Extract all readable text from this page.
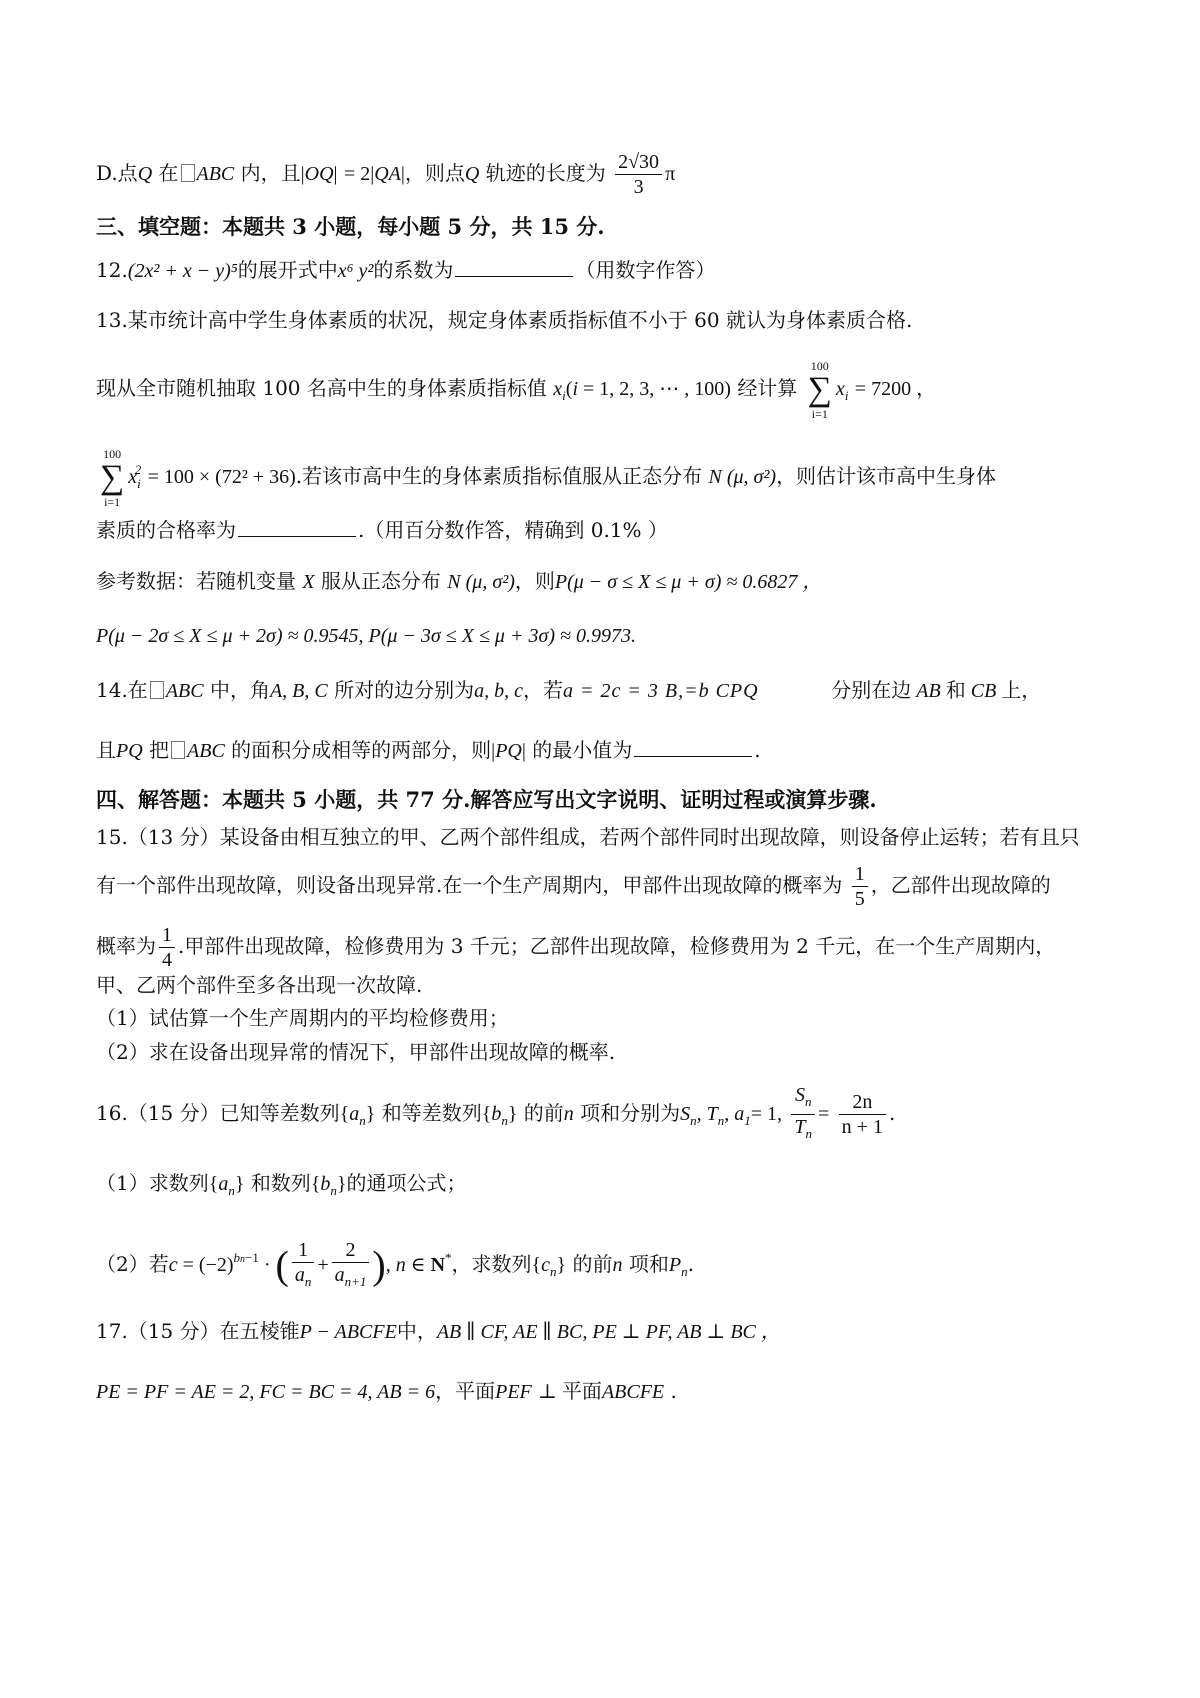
D.点Q 在 ABC 内，且|OQ| = 2|QA|，则点Q 轨迹的长度为 $\frac{2√30}{3}$ π
三、填空题：本题共 3 小题，每小题 5 分，共 15 分.
12.(2x² + x − y)⁵的展开式中x⁶ y²的系数为	（用数字作答）
13.某市统计高中学生身体素质的状况，规定身体素质指标值不小于 60 就认为身体素质合格.
现从全市随机抽取 100 名高中生的身体素质指标值 $x_i(i = 1$, 2, 3, ⋯ , 100) 经计算
100
∑
i=1
$x_i = 7200$ ，
100
∑
i=1
$x_i^2 = 100 \times (72^2 + 36)$.若该市高中生的身体素质指标值服从正态分布 N (μ, σ²)，则估计该市高中生身体
素质的合格率为	.（用百分数作答，精确到 0.1% ）
参考数据：若随机变量 X 服从正态分布 N (μ, σ²)，则P(μ − σ ≤ X ≤ μ + σ) ≈ 0.6827 ，
P(μ − 2σ ≤ X ≤ μ + 2σ) ≈ 0.9545, P(μ − 3σ ≤ X ≤ μ + 3σ) ≈ 0.9973.
14.在 ABC 中，角A, B, C 所对的边分别为a, b, c，若a = 2c = 3 B,=b CPQ	分别在边 AB 和 CB 上，
且PQ 把 ABC 的面积分成相等的两部分，则|PQ| 的最小值为	.
四、解答题：本题共 5 小题，共 77 分.解答应写出文字说明、证明过程或演算步骤.
15.（13 分）某设备由相互独立的甲、乙两个部件组成，若两个部件同时出现故障，则设备停止运转；若有且只
有一个部件出现故障，则设备出现异常.在一个生产周期内，甲部件出现故障的概率为 $\frac{1}{5}$ ，乙部件出现故障的
概率为 $\frac{1}{4}$ .甲部件出现故障，检修费用为 3 千元；乙部件出现故障，检修费用为 2 千元，在一个生产周期内，
甲、乙两个部件至多各出现一次故障.
（1）试估算一个生产周期内的平均检修费用；
（2）求在设备出现异常的情况下，甲部件出现故障的概率.
16.（15 分）已知等差数列$\{a_n\}$ 和等差数列$\{b_n\}$ 的前n 项和分别为$S_n$, $T_n$, $a_1= 1$, $\frac{S_n}{T_n} = \frac{2n}{n + 1}$ .
（1）求数列$\{a_n\}$ 和数列$\{b_n\}$的通项公式；
（2）若$c = (-2)^{bn-1}$ · ( $\frac{1}{a_n} + \frac{2}{a_{n+1}}$ ), n ∈ N*，求数列$\{c_n\}$ 的前n 项和$P_n$.
17.（15 分）在五棱锥P − ABCFE中，AB ∥ CF, AE ∥ BC, PE ⊥ PF, AB ⊥ BC ，
PE = PF = AE = 2, FC = BC = 4, AB = 6，平面PEF ⊥ 平面ABCFE .
